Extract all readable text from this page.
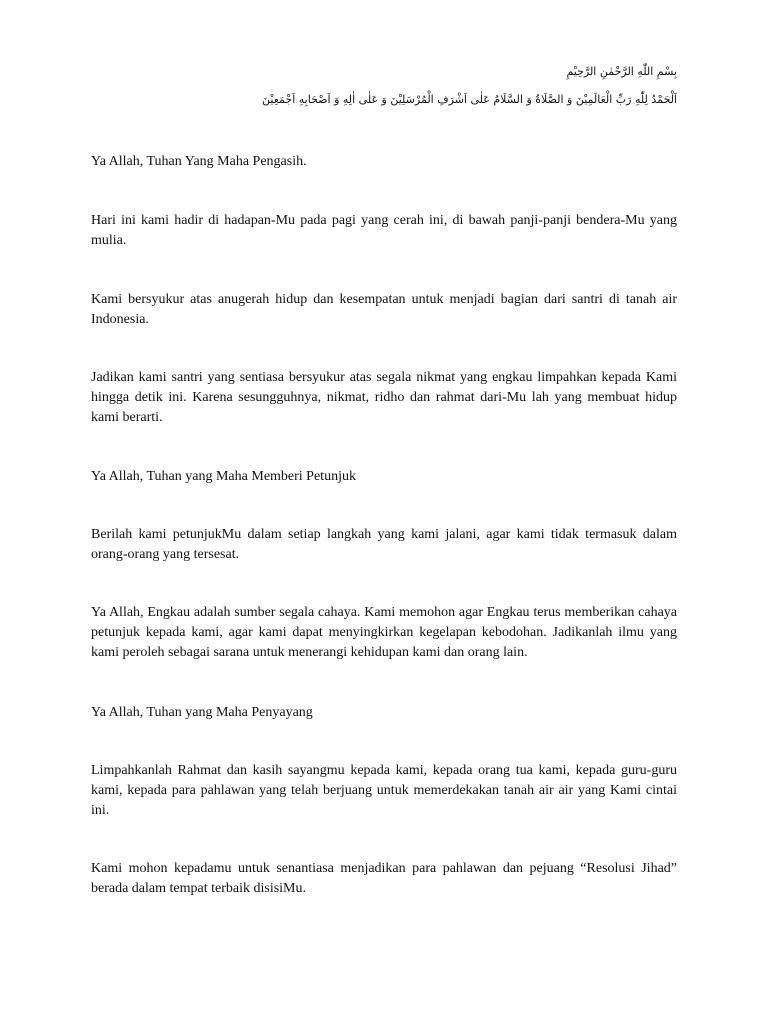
بِسْمِ اللّٰهِ الرَّحْمٰنِ الرَّحِيْمِ
اَلْحَمْدُ لِلّٰهِ رَبِّ الْعَالَمِيْنَ وَ الصَّلَاةُ وَ السَّلَامُ عَلٰى اَشْرَفِ الْمُرْسَلِيْنَ وَ عَلٰى اٰلِهِ وَ اَصْحَابِهِ اَجْمَعِيْنَ

Ya Allah, Tuhan Yang Maha Pengasih.

Hari ini kami hadir di hadapan-Mu pada pagi yang cerah ini, di bawah panji-panji bendera-Mu yang mulia.

Kami bersyukur atas anugerah hidup dan kesempatan untuk menjadi bagian dari santri di tanah air Indonesia.

Jadikan kami santri yang sentiasa bersyukur atas segala nikmat yang engkau limpahkan kepada Kami hingga detik ini. Karena sesungguhnya, nikmat, ridho dan rahmat dari-Mu lah yang membuat hidup kami berarti.

Ya Allah, Tuhan yang Maha Memberi Petunjuk

Berilah kami petunjukMu dalam setiap langkah yang kami jalani, agar kami tidak termasuk dalam orang-orang yang tersesat.

Ya Allah, Engkau adalah sumber segala cahaya. Kami memohon agar Engkau terus memberikan cahaya petunjuk kepada kami, agar kami dapat menyingkirkan kegelapan kebodohan. Jadikanlah ilmu yang kami peroleh sebagai sarana untuk menerangi kehidupan kami dan orang lain.

Ya Allah, Tuhan yang Maha Penyayang

Limpahkanlah Rahmat dan kasih sayangmu kepada kami, kepada orang tua kami, kepada guru-guru kami, kepada para pahlawan yang telah berjuang untuk memerdekakan tanah air air yang Kami cintai ini.

Kami mohon kepadamu untuk senantiasa menjadikan para pahlawan dan pejuang “Resolusi Jihad” berada dalam tempat terbaik disisiMu.
